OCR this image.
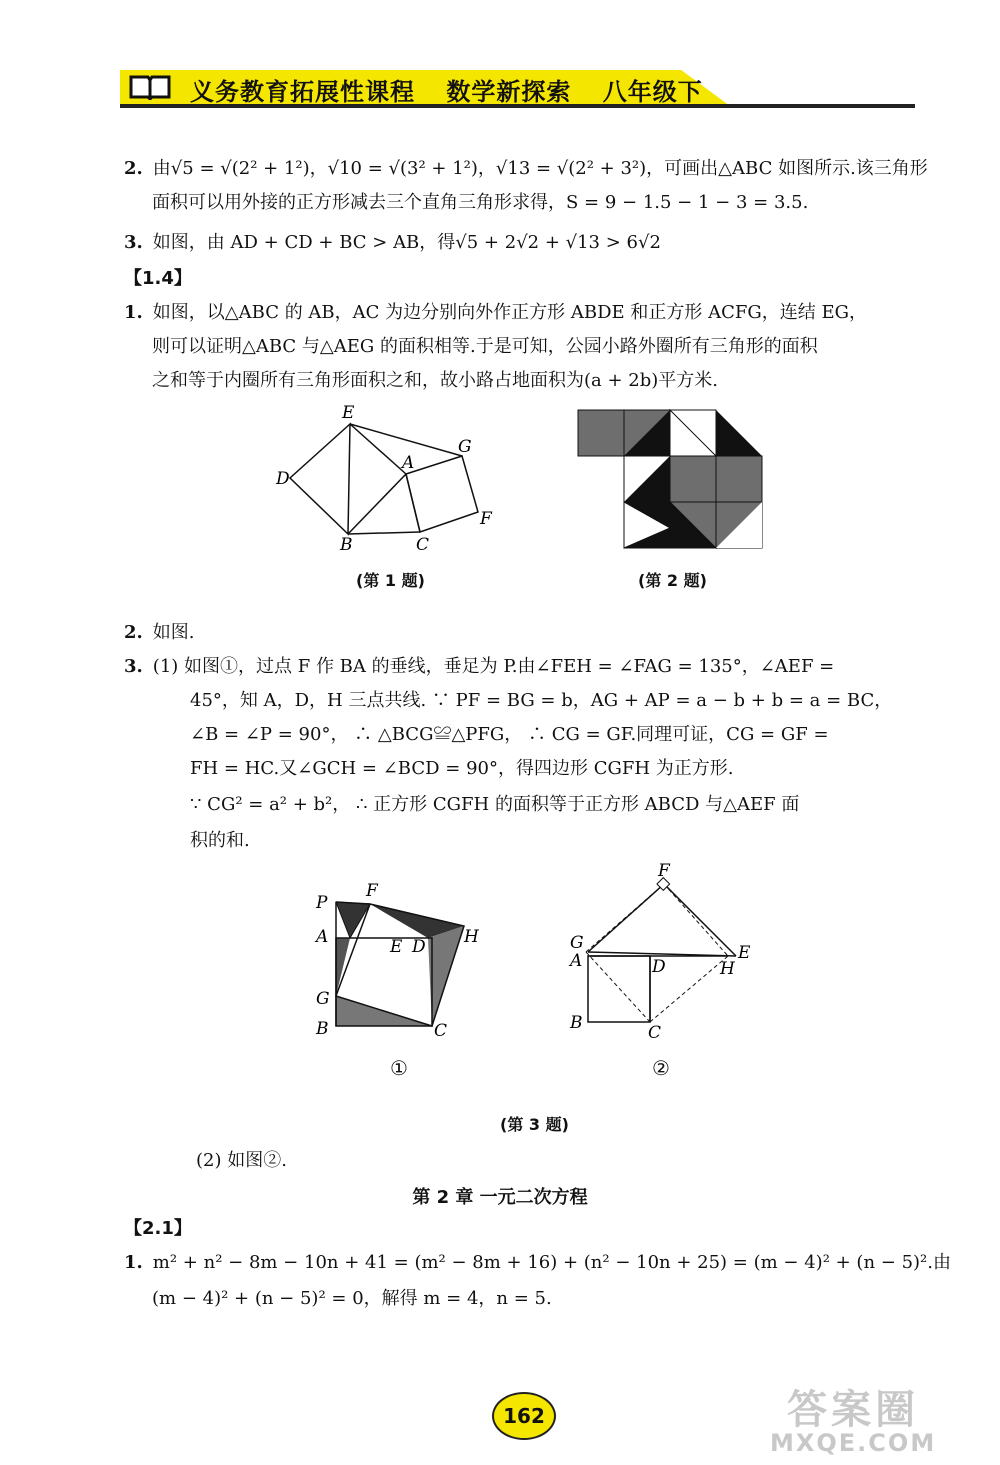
义务教育拓展性课程 数学新探索 八年级下
2. 由√5 = √(2² + 1²)，√10 = √(3² + 1²)，√13 = √(2² + 3²)，可画出△ABC 如图所示.该三角形
面积可以用外接的正方形减去三个直角三角形求得，S = 9 − 1.5 − 1 − 3 = 3.5.
3. 如图，由 AD + CD + BC > AB，得√5 + 2√2 + √13 > 6√2
【1.4】
1. 如图，以△ABC 的 AB，AC 为边分别向外作正方形 ABDE 和正方形 ACFG，连结 EG，
则可以证明△ABC 与△AEG 的面积相等.于是可知，公园小路外圈所有三角形的面积
之和等于内圈所有三角形面积之和，故小路占地面积为(a + 2b)平方米.
E
G
A
D
F
B	C
(第 1 题)	(第 2 题)
2. 如图.
3. (1) 如图①，过点 F 作 BA 的垂线，垂足为 P.由∠FEH = ∠FAG = 135°，∠AEF =
45°，知 A，D，H 三点共线. ∵ PF = BG = b，AG + AP = a − b + b = a = BC，
∠B = ∠P = 90°， ∴ △BCG≌△PFG， ∴ CG = GF.同理可证，CG = GF =
FH = HC.又∠GCH = ∠BCD = 90°，得四边形 CGFH 为正方形.
∵ CG² = a² + b²， ∴ 正方形 CGFH 的面积等于正方形 ABCD 与△AEF 面
积的和.
P
F
A	E D H
G
B	C
①
F
G
A	D	H
E
B	C
②
(第 3 题)
(2) 如图②.
第 2 章 一元二次方程
【2.1】
1. m² + n² − 8m − 10n + 41 = (m² − 8m + 16) + (n² − 10n + 25) = (m − 4)² + (n − 5)².由
(m − 4)² + (n − 5)² = 0，解得 m = 4，n = 5.
162	答案圈
MXQE.COM
